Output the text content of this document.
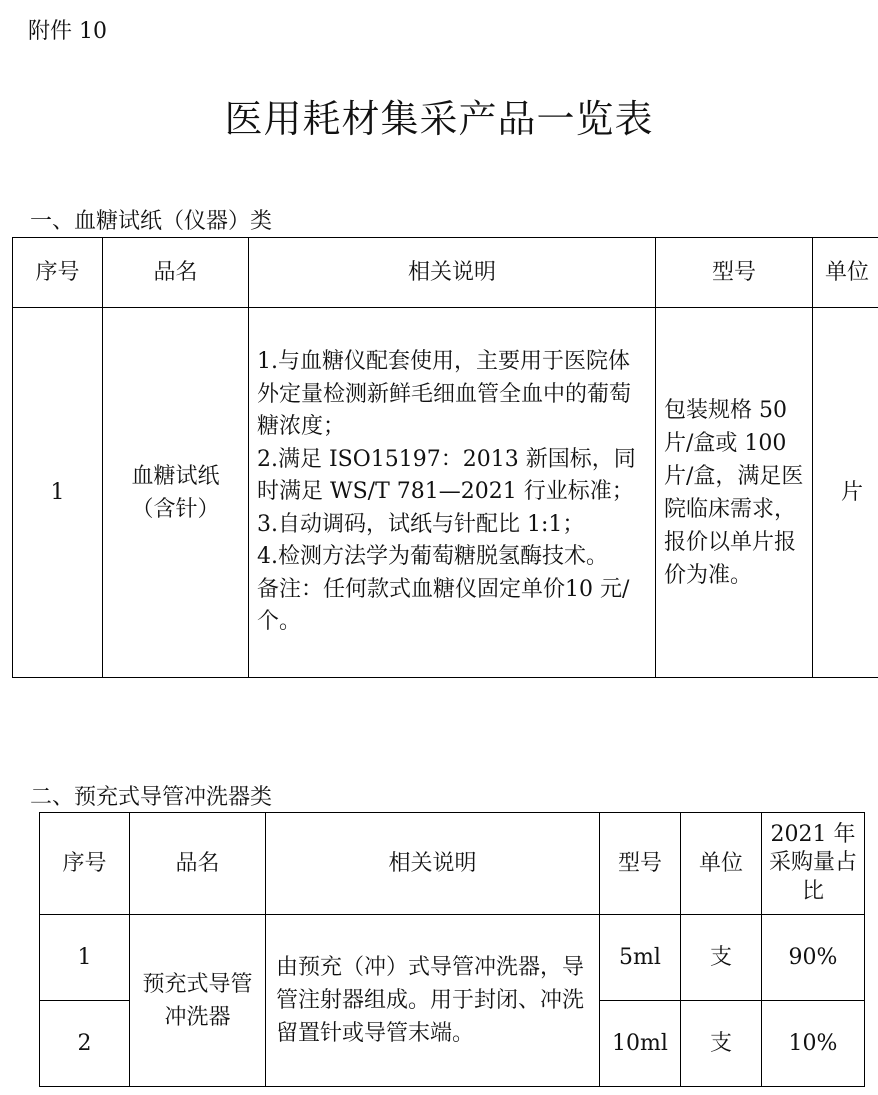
附件 10
医用耗材集采产品一览表
一、血糖试纸（仪器）类
序号	品名	相关说明	型号	单位
1	血糖试纸（含针）	1.与血糖仪配套使用，主要用于医院体外定量检测新鲜毛细血管全血中的葡萄糖浓度；
2.满足 ISO15197：2013 新国标，同时满足 WS/T 781—2021 行业标准；
3.自动调码，试纸与针配比 1:1；
4.检测方法学为葡萄糖脱氢酶技术。
备注：任何款式血糖仪固定单价10 元/个。	包装规格 50片/盒或 100片/盒，满足医院临床需求，报价以单片报价为准。	片
二、预充式导管冲洗器类
序号	品名	相关说明	型号	单位	2021 年采购量占比
1	预充式导管冲洗器	由预充（冲）式导管冲洗器，导管注射器组成。用于封闭、冲洗留置针或导管末端。	5ml	支	90%
2			10ml	支	10%
